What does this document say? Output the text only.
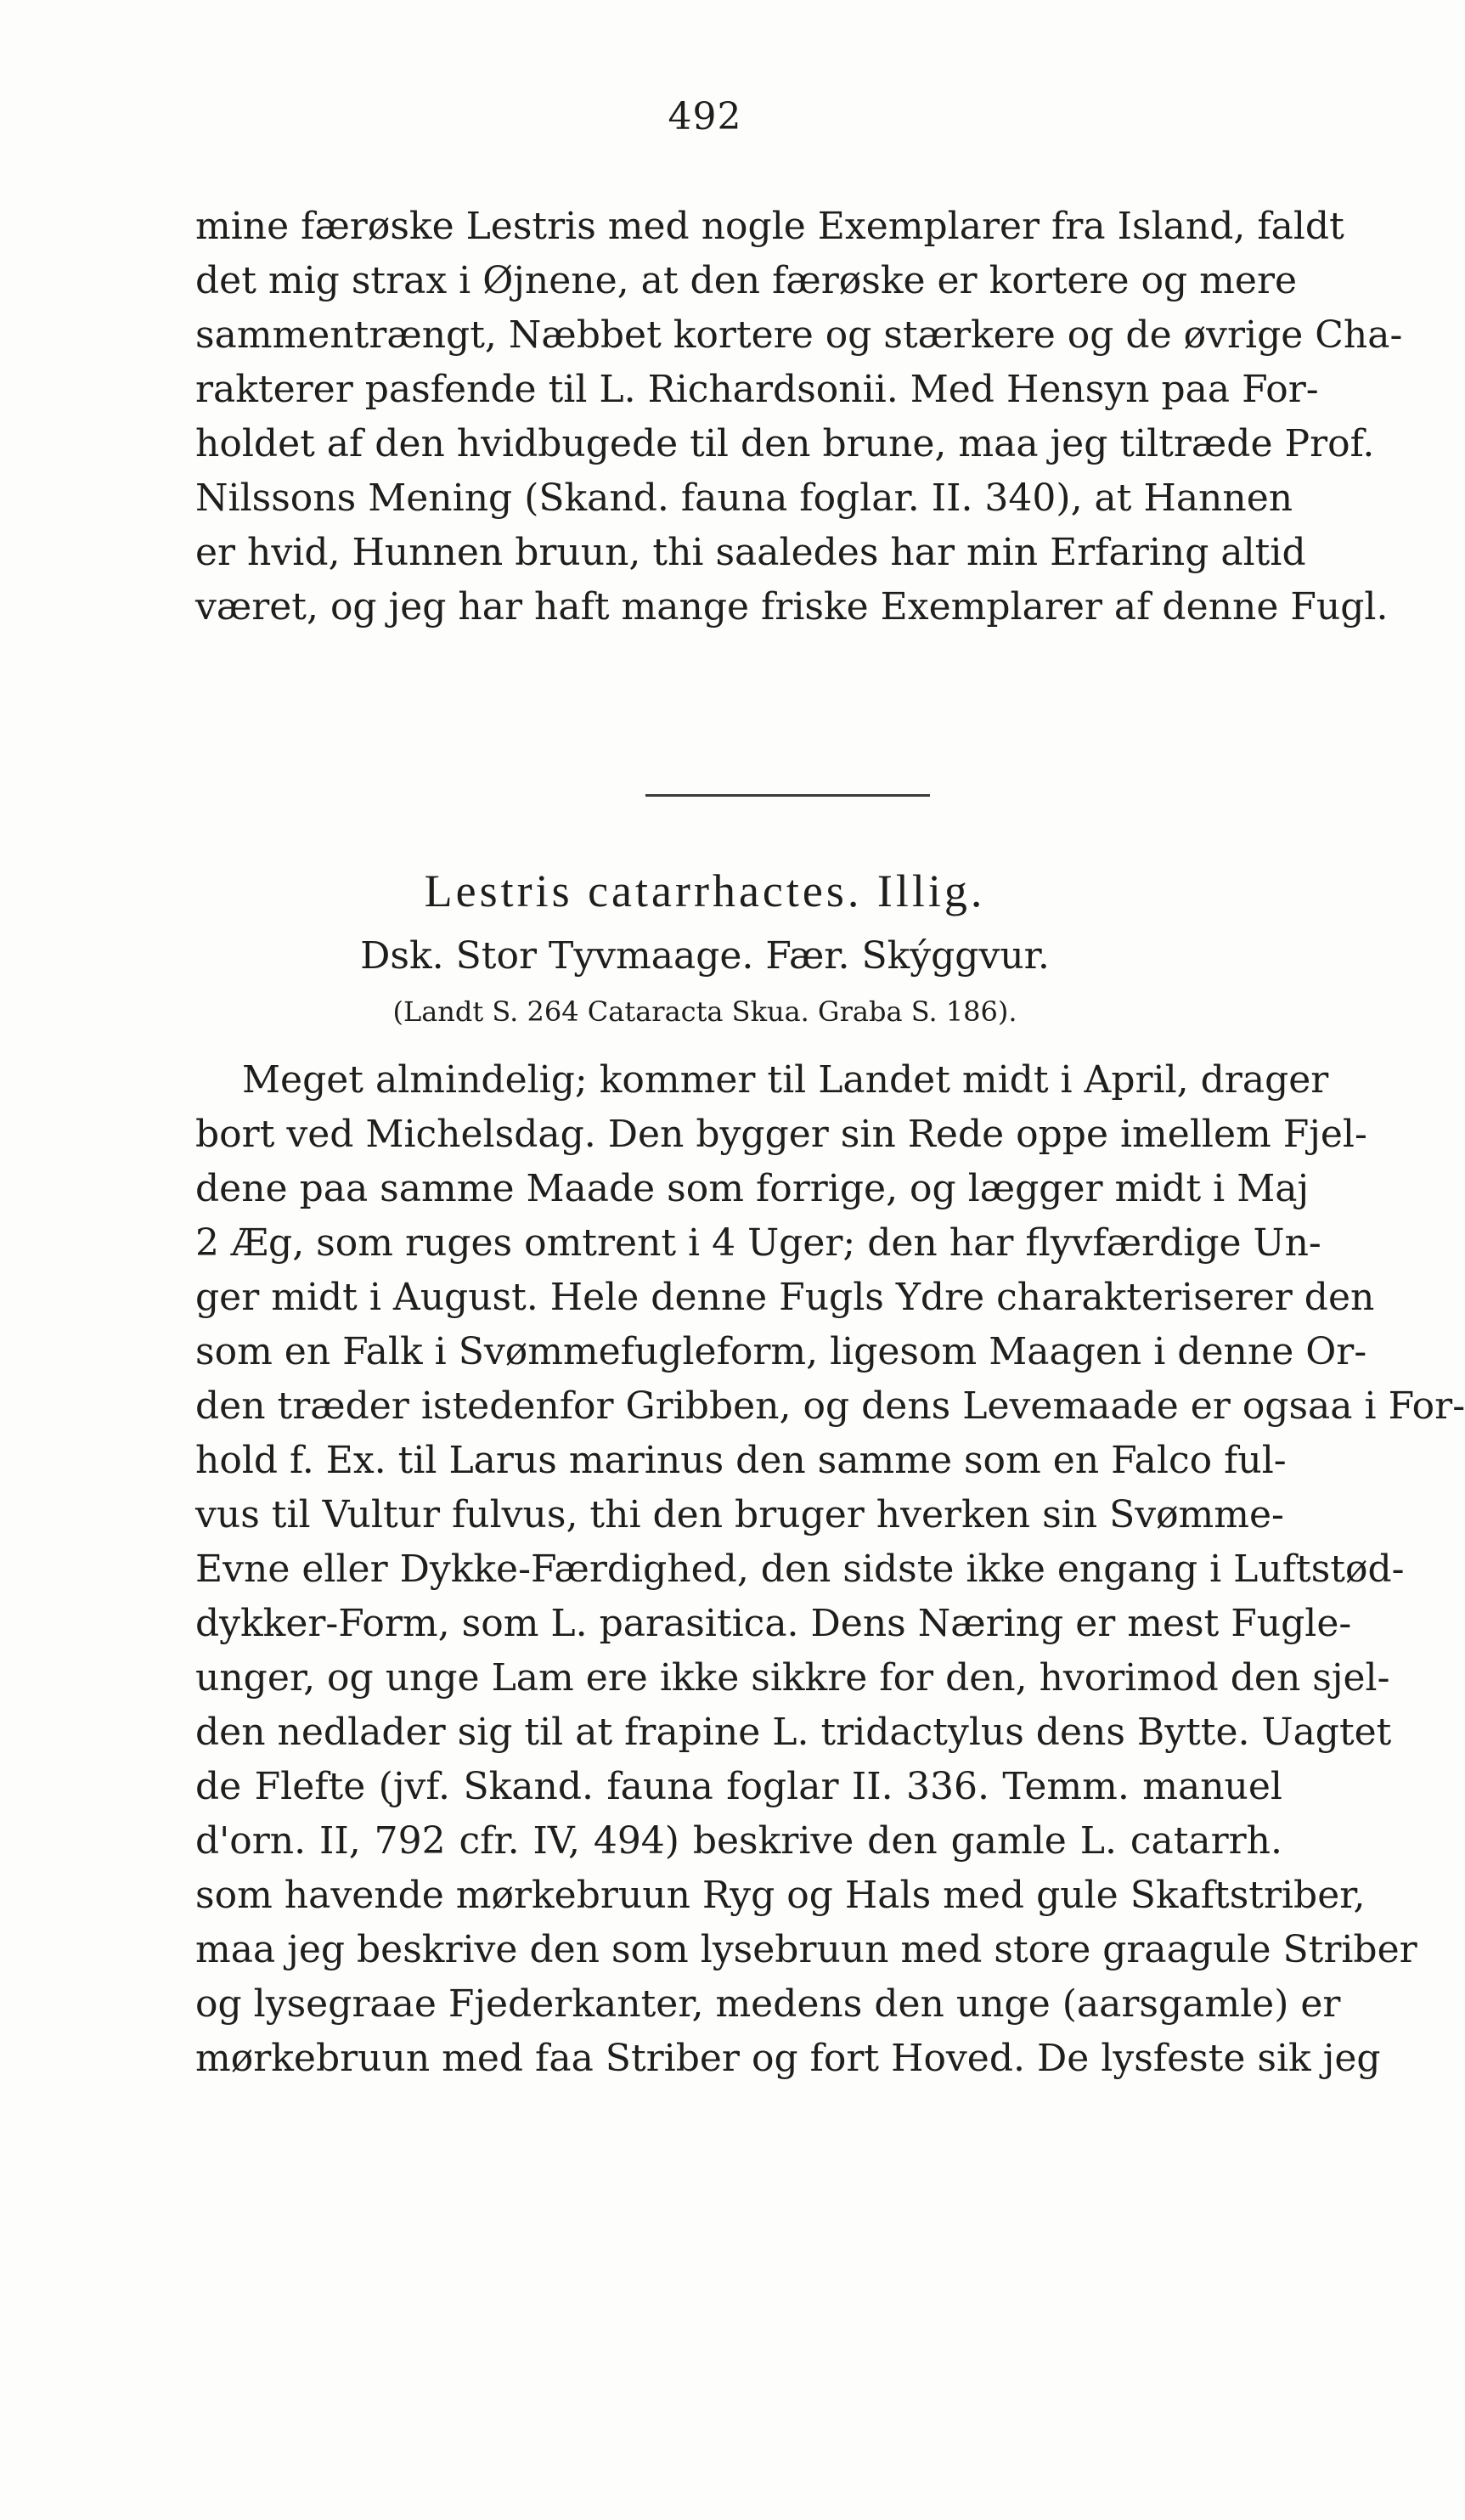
492
mine færøske Lestris med nogle Exemplarer fra Island, faldt
det mig strax i Øjnene, at den færøske er kortere og mere
sammentrængt, Næbbet kortere og stærkere og de øvrige Cha-
rakterer pasfende til L. Richardsonii. Med Hensyn paa For-
holdet af den hvidbugede til den brune, maa jeg tiltræde Prof.
Nilssons Mening (Skand. fauna foglar. II. 340), at Hannen
er hvid, Hunnen bruun, thi saaledes har min Erfaring altid
været, og jeg har haft mange friske Exemplarer af denne Fugl.
Lestris catarrhactes. Illig.
Dsk. Stor Tyvmaage. Fær. Skýggvur.
(Landt S. 264 Cataracta Skua. Graba S. 186).
Meget almindelig; kommer til Landet midt i April, drager
bort ved Michelsdag. Den bygger sin Rede oppe imellem Fjel-
dene paa samme Maade som forrige, og lægger midt i Maj
2 Æg, som ruges omtrent i 4 Uger; den har flyvfærdige Un-
ger midt i August. Hele denne Fugls Ydre charakteriserer den
som en Falk i Svømmefugleform, ligesom Maagen i denne Or-
den træder istedenfor Gribben, og dens Levemaade er ogsaa i For-
hold f. Ex. til Larus marinus den samme som en Falco ful-
vus til Vultur fulvus, thi den bruger hverken sin Svømme-
Evne eller Dykke-Færdighed, den sidste ikke engang i Luftstød-
dykker-Form, som L. parasitica. Dens Næring er mest Fugle-
unger, og unge Lam ere ikke sikkre for den, hvorimod den sjel-
den nedlader sig til at frapine L. tridactylus dens Bytte. Uagtet
de Flefte (jvf. Skand. fauna foglar II. 336. Temm. manuel
d'orn. II, 792 cfr. IV, 494) beskrive den gamle L. catarrh.
som havende mørkebruun Ryg og Hals med gule Skaftstriber,
maa jeg beskrive den som lysebruun med store graagule Striber
og lysegraae Fjederkanter, medens den unge (aarsgamle) er
mørkebruun med faa Striber og fort Hoved. De lysfeste sik jeg
